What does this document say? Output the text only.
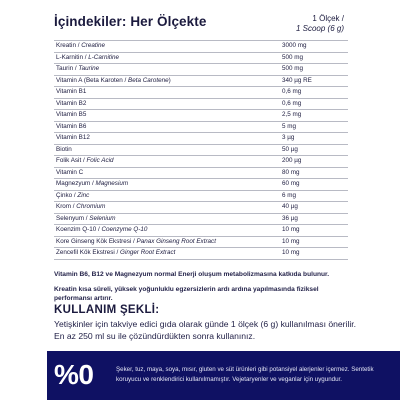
İçindekiler: Her Ölçekte	1 Ölçek /
1 Scoop (6 g)
Kreatin / Creatine	3000 mg
L-Karnitin / L-Carnitine	500 mg
Taurin / Taurine	500 mg
Vitamin A (Beta Karoten / Beta Carotene)	340 µg RE
Vitamin B1	0,6 mg
Vitamin B2	0,6 mg
Vitamin B5	2,5 mg
Vitamin B6	5 mg
Vitamin B12	3 µg
Biotin	50 µg
Folik Asit / Folic Acid	200 µg
Vitamin C	80 mg
Magnezyum / Magnesium	60 mg
Çinko / Zinc	6 mg
Krom / Chromium	40 µg
Selenyum / Selenium	36 µg
Koenzim Q-10 / Coenzyme Q-10	10 mg
Kore Ginseng Kök Ekstresi / Panax Ginseng Root Extract	10 mg
Zencefil Kök Ekstresi / Ginger Root Extract	10 mg

Vitamin B6, B12 ve Magnezyum normal Enerji oluşum metabolizmasına katkıda bulunur.

Kreatin kısa süreli, yüksek yoğunluklu egzersizlerin ardı ardına yapılmasında fiziksel performansı artırır.

KULLANIM ŞEKLİ:
Yetişkinler için takviye edici gıda olarak günde 1 ölçek (6 g) kullanılması önerilir. En az 250 ml su ile çözündürdükten sonra kullanınız.
%0	Şeker, tuz, maya, soya, mısır, gluten ve süt ürünleri gibi potansiyel alerjenler içermez. Sentetik koruyucu ve renklendirici kullanılmamıştır. Vejetaryenler ve veganlar için uygundur.
